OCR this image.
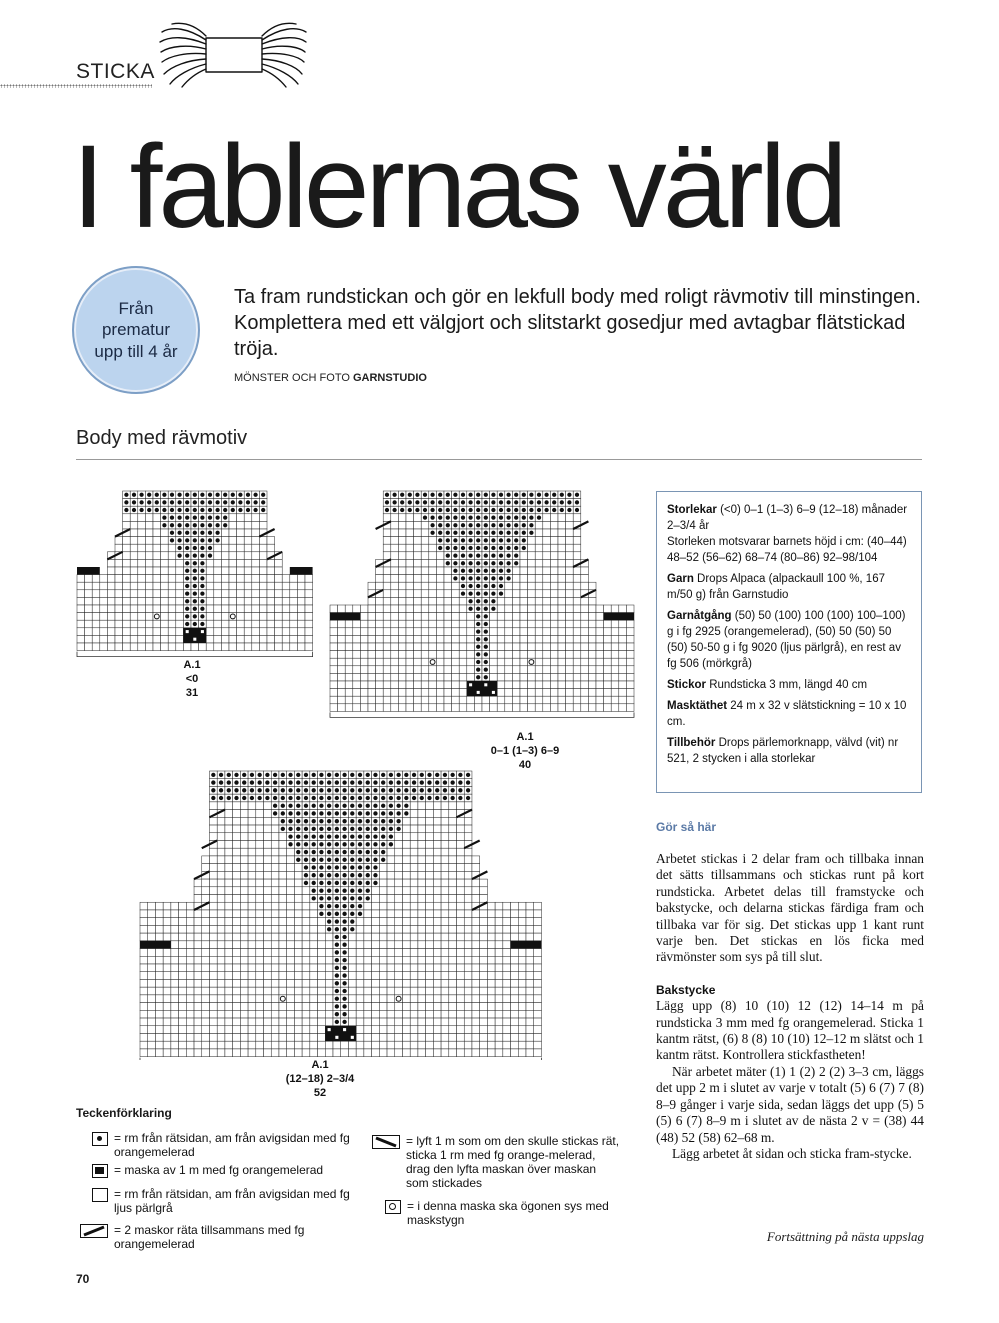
STICKA
I fablernas värld
Från
prematur
upp till 4 år
Ta fram rundstickan och gör en lekfull body med roligt rävmotiv till minstingen. Komplettera med ett välgjort och slitstarkt gosedjur med avtagbar flätstickad tröja.
MÖNSTER OCH FOTO GARNSTUDIO
Body med rävmotiv
A.1
<0
31
A.1
0–1 (1–3) 6–9
40
A.1
(12–18) 2–3/4
52
Teckenförklaring
= rm från rätsidan, am från avigsidan med fg orangemelerad
= maska av 1 m med fg orangemelerad
= rm från rätsidan, am från avigsidan med fg ljus pärlgrå
= 2 maskor räta tillsammans med fg orangemelerad
= lyft 1 m som om den skulle stickas rät, sticka 1 rm med fg orange-melerad, drag den lyfta maskan över maskan som stickades
= i denna maska ska ögonen sys med maskstygn

Storlekar (<0) 0–1 (1–3) 6–9 (12–18) månader 2–3/4 år
Storleken motsvarar barnets höjd i cm: (40–44) 48–52 (56–62) 68–74 (80–86) 92–98/104

Garn Drops Alpaca (alpackaull 100 %, 167 m/50 g) från Garnstudio

Garnåtgång (50) 50 (100) 100 (100) 100–100) g i fg 2925 (orangemelerad), (50) 50 (50) 50 (50) 50-50 g i fg 9020 (ljus pärlgrå), en rest av fg 506 (mörkgrå)

Stickor Rundsticka 3 mm, längd 40 cm

Masktäthet 24 m x 32 v slätstickning = 10 x 10 cm.

Tillbehör Drops pärlemorknapp, välvd (vit) nr 521, 2 stycken i alla storlekar

Gör så här

Arbetet stickas i 2 delar fram och tillbaka innan det sätts tillsammans och stickas runt på kort rundsticka. Arbetet delas till framstycke och bakstycke, och delarna stickas färdiga fram och tillbaka var för sig. Det stickas upp 1 kant runt varje ben. Det stickas en lös ficka med rävmönster som sys på till slut.

Bakstycke

Lägg upp (8) 10 (10) 12 (12) 14–14 m på rundsticka 3 mm med fg orangemelerad. Sticka 1 kantm rätst, (6) 8 (8) 10 (10) 12–12 m slätst och 1 kantm rätst. Kontrollera stickfastheten!

När arbetet mäter (1) 1 (2) 2 (2) 3–3 cm, läggs det upp 2 m i slutet av varje v totalt (5) 6 (7) 7 (8) 8–9 gånger i varje sida, sedan läggs det upp (5) 5 (5) 6 (7) 8–9 m i slutet av de nästa 2 v = (38) 44 (48) 52 (58) 62–68 m.

Lägg arbetet åt sidan och sticka fram-stycke.

Fortsättning på nästa uppslag
70
